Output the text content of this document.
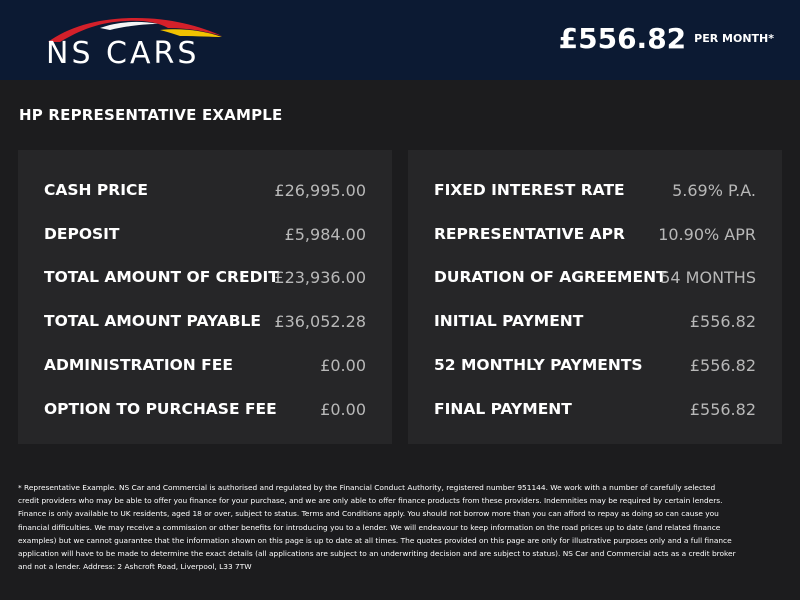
NS CARS	£556.82 PER MONTH*
HP REPRESENTATIVE EXAMPLE
CASH PRICE	£26,995.00
DEPOSIT	£5,984.00
TOTAL AMOUNT OF CREDIT
£23,936.00
TOTAL AMOUNT PAYABLE £36,052.28
ADMINISTRATION FEE	£0.00
OPTION TO PURCHASE FEE	£0.00
FIXED INTEREST RATE	5.69% P.A.
REPRESENTATIVE APR 10.90% APR
DURATION OF AGREEMENT
54 MONTHS
INITIAL PAYMENT	£556.82
52 MONTHLY PAYMENTS	£556.82
FINAL PAYMENT	£556.82
* Representative Example. NS Car and Commercial is authorised and regulated by the Financial Conduct Authority, registered number 951144. We work with a number of carefully selected credit providers who may be able to offer you finance for your purchase, and we are only able to offer finance products from these providers. Indemnities may be required by certain lenders. Finance is only available to UK residents, aged 18 or over, subject to status. Terms and Conditions apply. You should not borrow more than you can afford to repay as doing so can cause you financial difficulties. We may receive a commission or other benefits for introducing you to a lender. We will endeavour to keep information on the road prices up to date (and related finance examples) but we cannot guarantee that the information shown on this page is up to date at all times. The quotes provided on this page are only for illustrative purposes only and a full finance application will have to be made to determine the exact details (all applications are subject to an underwriting decision and are subject to status). NS Car and Commercial acts as a credit broker and not a lender. Address: 2 Ashcroft Road, Liverpool, L33 7TW
